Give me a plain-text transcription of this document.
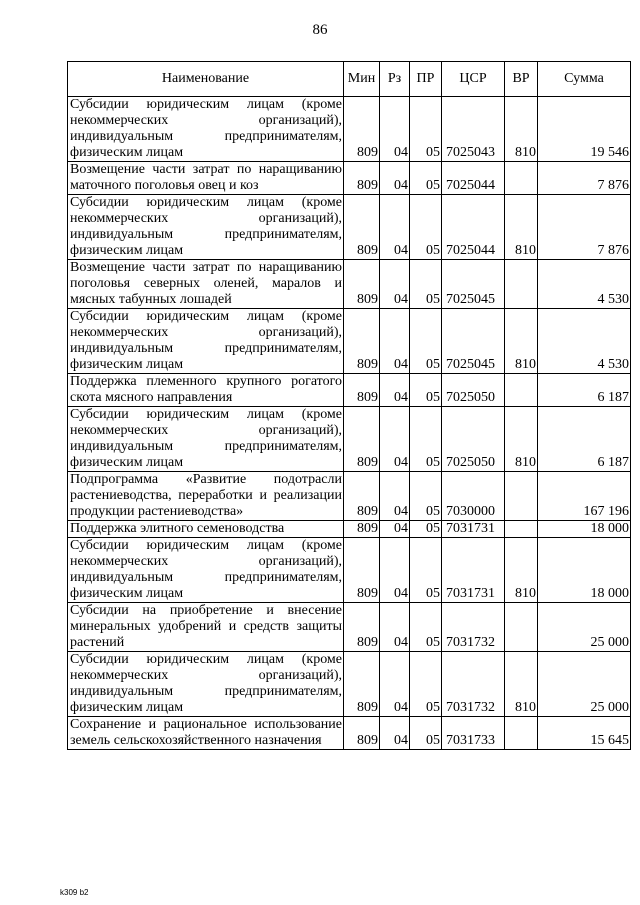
86
Наименование	Мин	Рз	ПР	ЦСР	ВР	Сумма
Субсидии юридическим лицам (кроме некоммерческих организаций), индивидуальным предпринимателям, физическим лицам	809	04	05	7025043	810	19 546
Возмещение части затрат по наращиванию маточного поголовья овец и коз	809	04	05	7025044		7 876
Субсидии юридическим лицам (кроме некоммерческих организаций), индивидуальным предпринимателям, физическим лицам	809	04	05	7025044	810	7 876
Возмещение части затрат по наращиванию поголовья северных оленей, маралов и мясных табунных лошадей	809	04	05	7025045		4 530
Субсидии юридическим лицам (кроме некоммерческих организаций), индивидуальным предпринимателям, физическим лицам	809	04	05	7025045	810	4 530
Поддержка племенного крупного рогатого скота мясного направления	809	04	05	7025050		6 187
Субсидии юридическим лицам (кроме некоммерческих организаций), индивидуальным предпринимателям, физическим лицам	809	04	05	7025050	810	6 187
Подпрограмма «Развитие подотрасли растениеводства, переработки и реализации продукции растениеводства»	809	04	05	7030000		167 196
Поддержка элитного семеноводства	809	04	05	7031731		18 000
Субсидии юридическим лицам (кроме некоммерческих организаций), индивидуальным предпринимателям, физическим лицам	809	04	05	7031731	810	18 000
Субсидии на приобретение и внесение минеральных удобрений и средств защиты растений	809	04	05	7031732		25 000
Субсидии юридическим лицам (кроме некоммерческих организаций), индивидуальным предпринимателям, физическим лицам	809	04	05	7031732	810	25 000
Сохранение и рациональное использование земель сельскохозяйственного назначения	809	04	05	7031733		15 645
k309 b2
